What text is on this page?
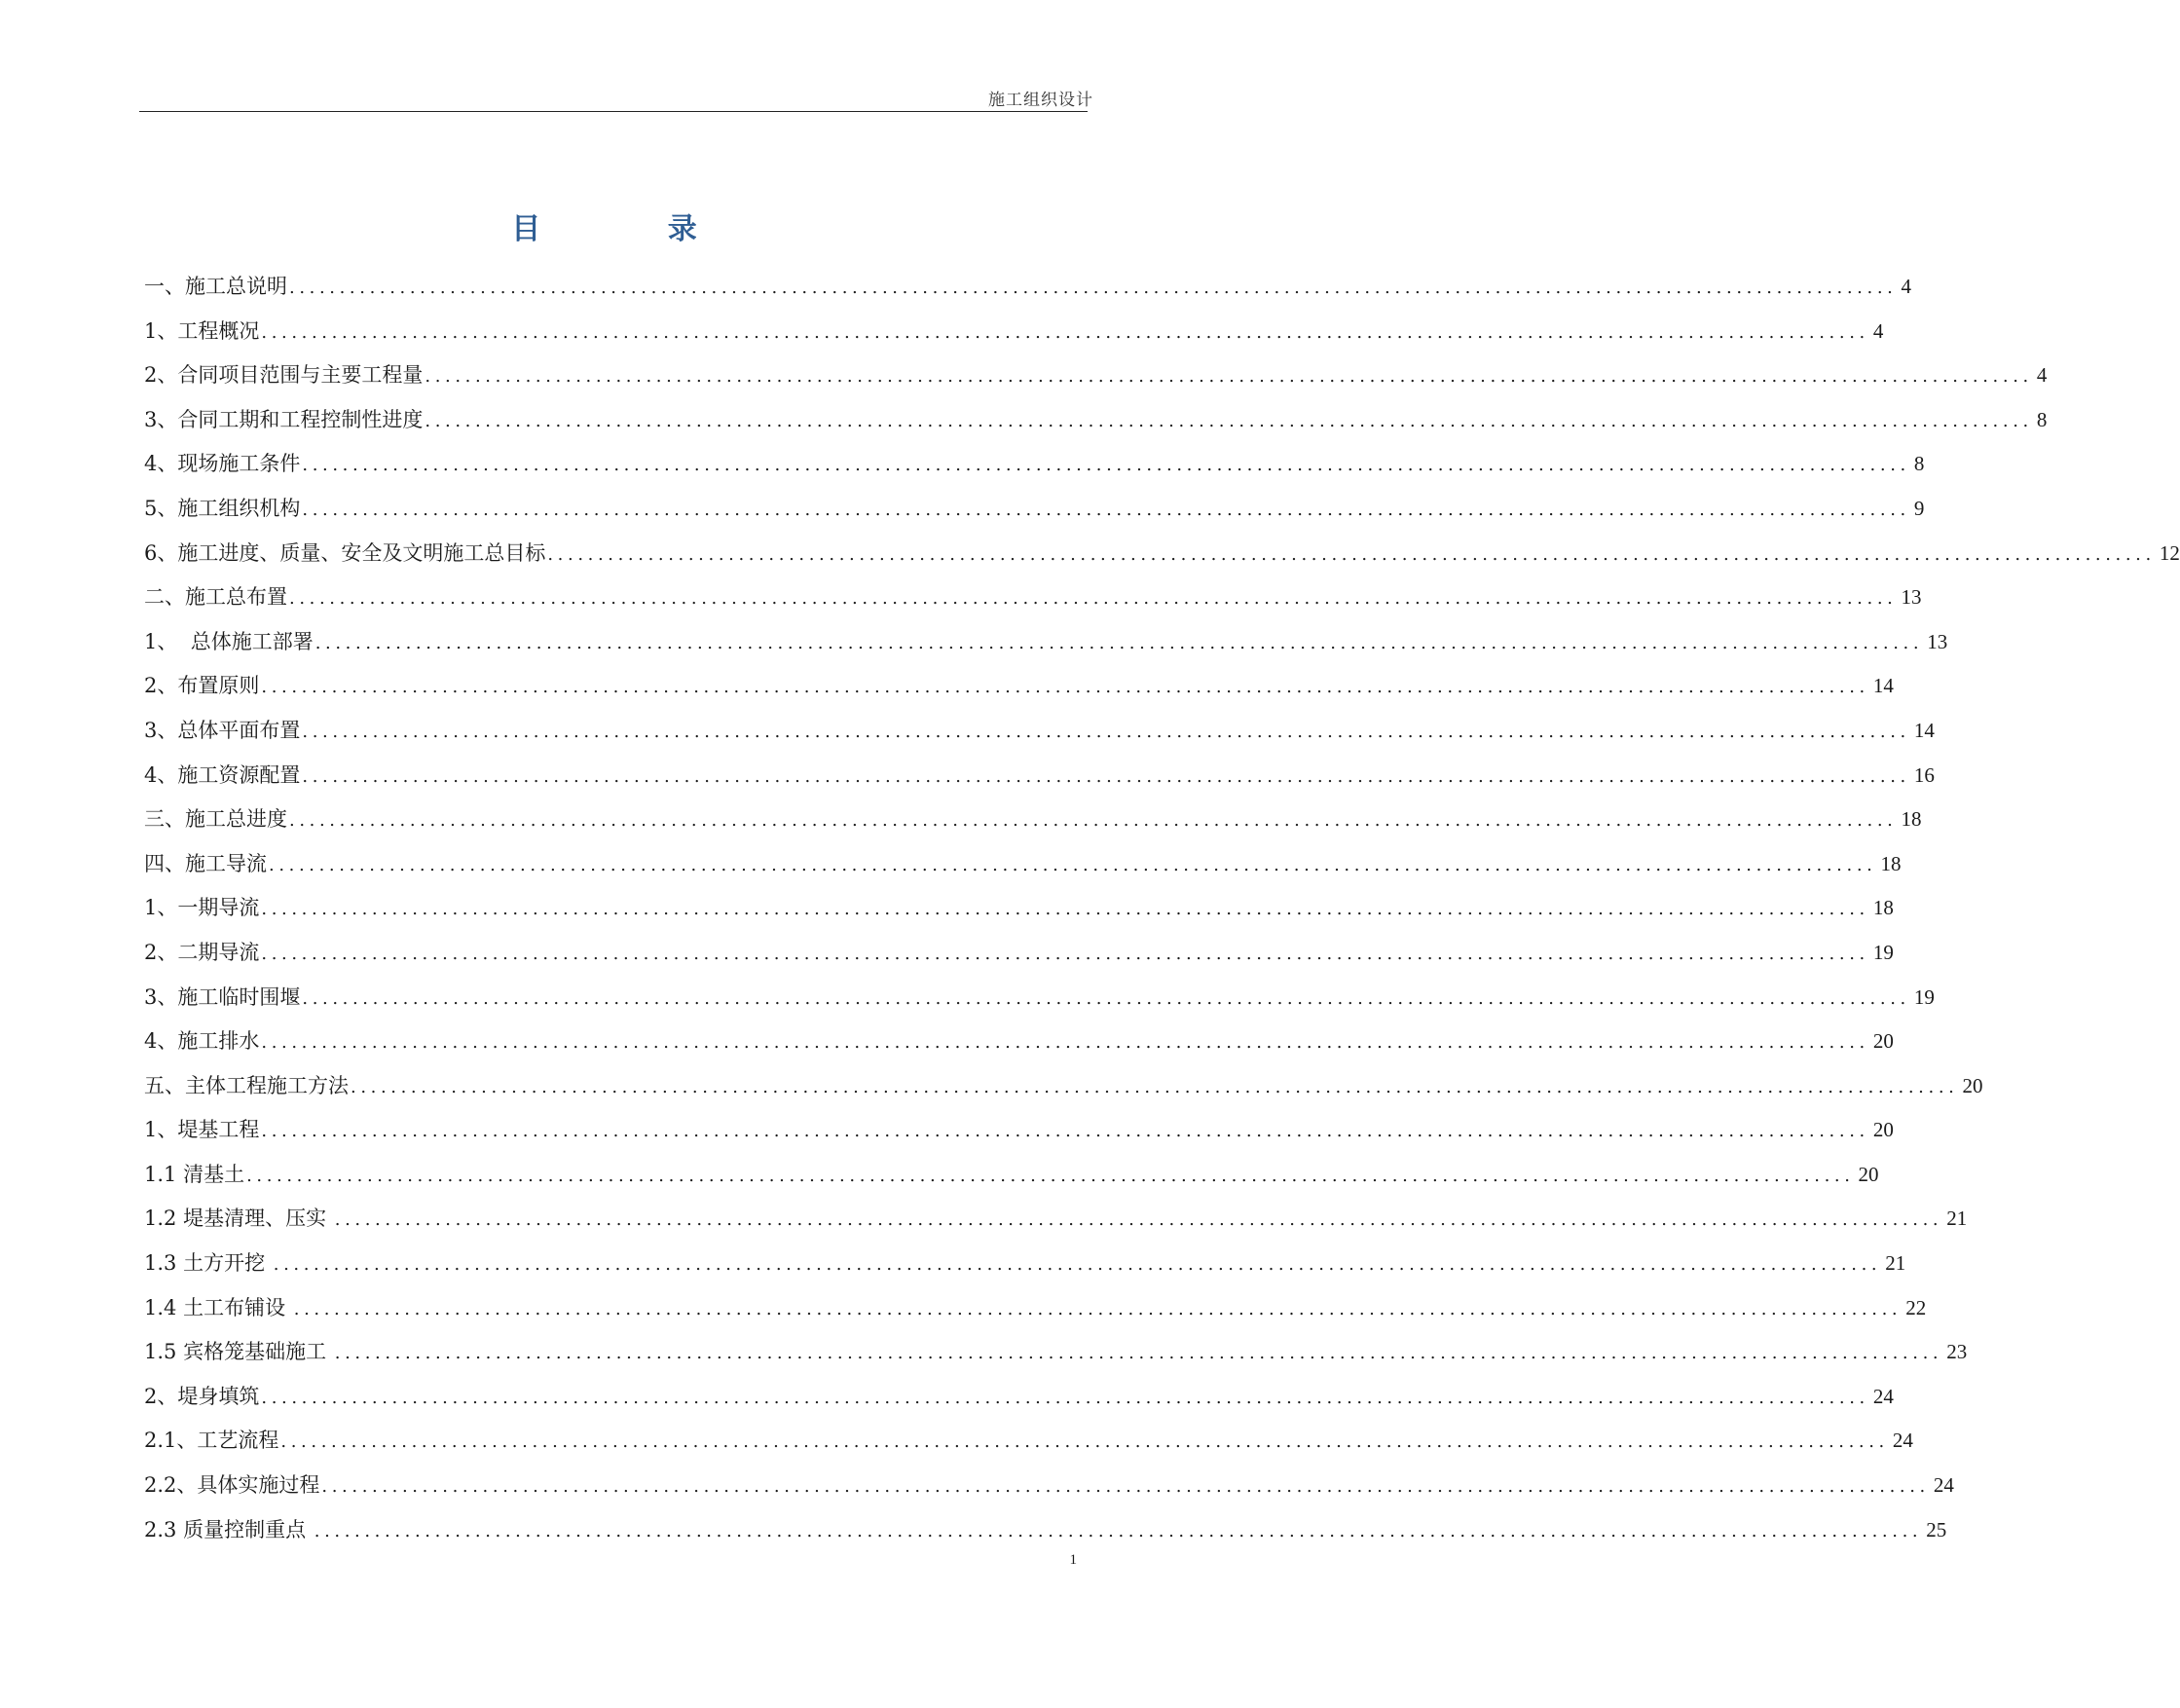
施工组织设计
目 录
一、施工总说明 ................................................................................................................................................................ 4
1、工程概况 ................................................................................................................................................................ 4
2、合同项目范围与主要工程量 ................................................................................................................................................................ 4
3、合同工期和工程控制性进度 ................................................................................................................................................................ 8
4、现场施工条件 ................................................................................................................................................................ 8
5、施工组织机构 ................................................................................................................................................................ 9
6、施工进度、质量、安全及文明施工总目标 ................................................................................................................................................................ 12
二、施工总布置 ................................................................................................................................................................ 13
1、  总体施工部署 ................................................................................................................................................................ 13
2、布置原则 ................................................................................................................................................................ 14
3、总体平面布置 ................................................................................................................................................................ 14
4、施工资源配置 ................................................................................................................................................................ 16
三、施工总进度 ................................................................................................................................................................ 18
四、施工导流 ................................................................................................................................................................ 18
1、一期导流 ................................................................................................................................................................ 18
2、二期导流 ................................................................................................................................................................ 19
3、施工临时围堰 ................................................................................................................................................................ 19
4、施工排水 ................................................................................................................................................................ 20
五、主体工程施工方法 ................................................................................................................................................................ 20
1、堤基工程 ................................................................................................................................................................ 20
1.1 清基土 ................................................................................................................................................................ 20
1.2 堤基清理、压实 ................................................................................................................................................................ 21
1.3 土方开挖 ................................................................................................................................................................ 21
1.4 土工布铺设 ................................................................................................................................................................ 22
1.5 宾格笼基础施工 ................................................................................................................................................................ 23
2、堤身填筑 ................................................................................................................................................................ 24
2.1、工艺流程 ................................................................................................................................................................ 24
2.2、具体实施过程 ................................................................................................................................................................ 24
2.3 质量控制重点 ................................................................................................................................................................ 25
1
